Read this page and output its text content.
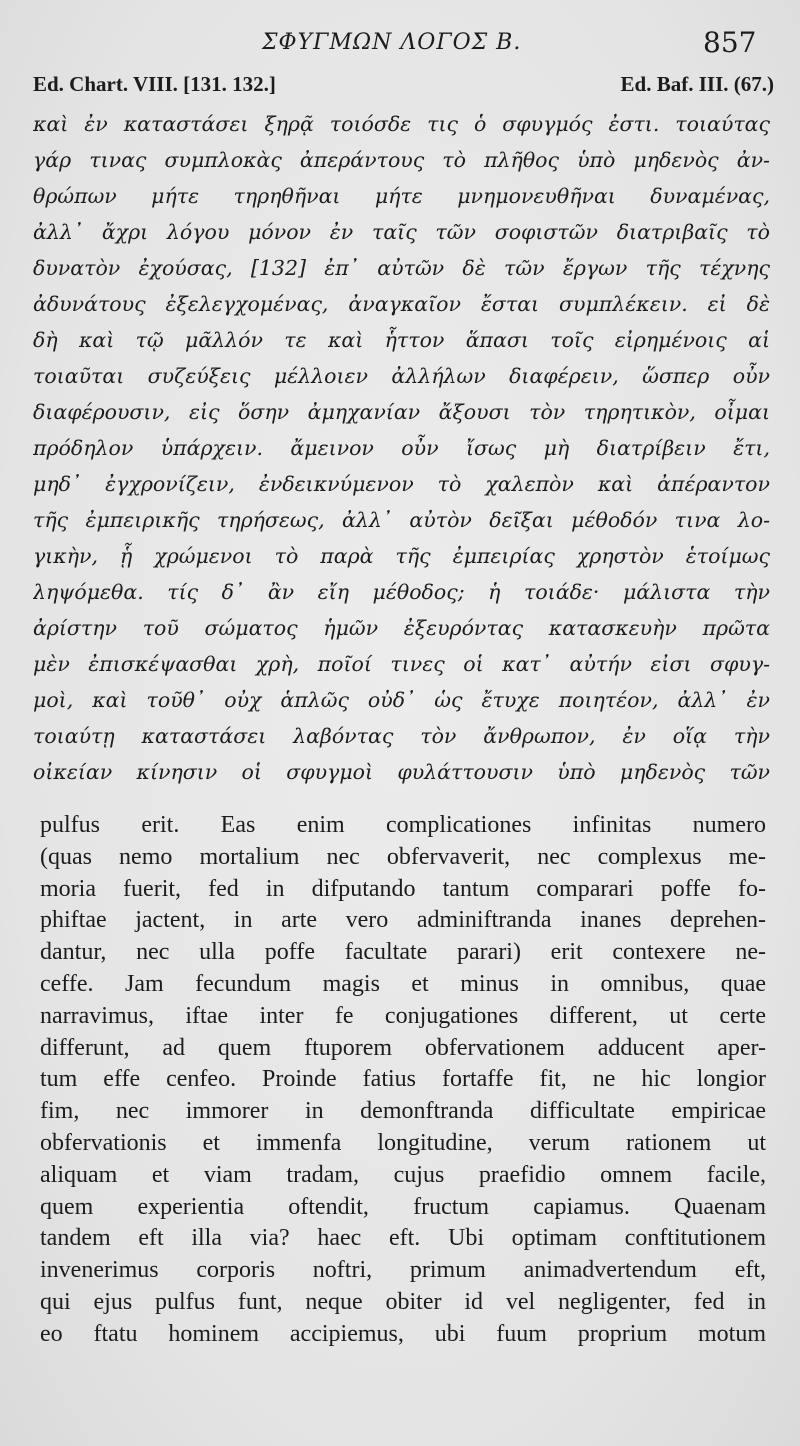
ΣΦΥΓΜΩΝ ΛΟΓΟΣ Β.	857
Ed. Chart. VIII. [131. 132.]	Ed. Baf. III. (67.)
καὶ ἐν καταστάσει ξηρᾷ τοιόσδε τις ὁ σφυγμός ἐστι. τοιαύτας
γάρ τινας συμπλοκὰς ἀπεράντους τὸ πλῆθος ὑπὸ μηδενὸς ἀν-
θρώπων μήτε τηρηθῆναι μήτε μνημονευθῆναι δυναμένας,
ἀλλ᾽ ἄχρι λόγου μόνον ἐν ταῖς τῶν σοφιστῶν διατριβαῖς τὸ
δυνατὸν ἐχούσας, [132] ἐπ᾽ αὐτῶν δὲ τῶν ἔργων τῆς τέχνης
ἀδυνάτους ἐξελεγχομένας, ἀναγκαῖον ἔσται συμπλέκειν. εἰ δὲ
δὴ καὶ τῷ μᾶλλόν τε καὶ ἧττον ἅπασι τοῖς εἰρημένοις αἱ
τοιαῦται συζεύξεις μέλλοιεν ἀλλήλων διαφέρειν, ὥσπερ οὖν
διαφέρουσιν, εἰς ὅσην ἀμηχανίαν ἄξουσι τὸν τηρητικὸν, οἶμαι
πρόδηλον ὑπάρχειν. ἄμεινον οὖν ἴσως μὴ διατρίβειν ἔτι,
μηδ᾽ ἐγχρονίζειν, ἐνδεικνύμενον τὸ χαλεπὸν καὶ ἀπέραντον
τῆς ἐμπειρικῆς τηρήσεως, ἀλλ᾽ αὐτὸν δεῖξαι μέθοδόν τινα λο-
γικὴν, ᾗ χρώμενοι τὸ παρὰ τῆς ἐμπειρίας χρηστὸν ἑτοίμως
ληψόμεθα. τίς δ᾽ ἂν εἴη μέθοδος; ἡ τοιάδε· μάλιστα τὴν
ἀρίστην τοῦ σώματος ἡμῶν ἐξευρόντας κατασκευὴν πρῶτα
μὲν ἐπισκέψασθαι χρὴ, ποῖοί τινες οἱ κατ᾽ αὐτήν εἰσι σφυγ-
μοὶ, καὶ τοῦθ᾽ οὐχ ἁπλῶς οὐδ᾽ ὡς ἔτυχε ποιητέον, ἀλλ᾽ ἐν
τοιαύτῃ καταστάσει λαβόντας τὸν ἄνθρωπον, ἐν οἵᾳ τὴν
οἰκείαν κίνησιν οἱ σφυγμοὶ φυλάττουσιν ὑπὸ μηδενὸς τῶν
pulfus erit. Eas enim complicationes infinitas numero
(quas nemo mortalium nec obfervaverit, nec complexus me-
moria fuerit, fed in difputando tantum comparari poffe fo-
phiftae jactent, in arte vero adminiftranda inanes deprehen-
dantur, nec ulla poffe facultate parari) erit contexere ne-
ceffe. Jam fecundum magis et minus in omnibus, quae
narravimus, iftae inter fe conjugationes different, ut certe
differunt, ad quem ftuporem obfervationem adducent aper-
tum effe cenfeo. Proinde fatius fortaffe fit, ne hic longior
fim, nec immorer in demonftranda difficultate empiricae
obfervationis et immenfa longitudine, verum rationem ut
aliquam et viam tradam, cujus praefidio omnem facile,
quem experientia oftendit, fructum capiamus. Quaenam
tandem eft illa via? haec eft. Ubi optimam conftitutionem
invenerimus corporis noftri, primum animadvertendum eft,
qui ejus pulfus funt, neque obiter id vel negligenter, fed in
eo ftatu hominem accipiemus, ubi fuum proprium motum
